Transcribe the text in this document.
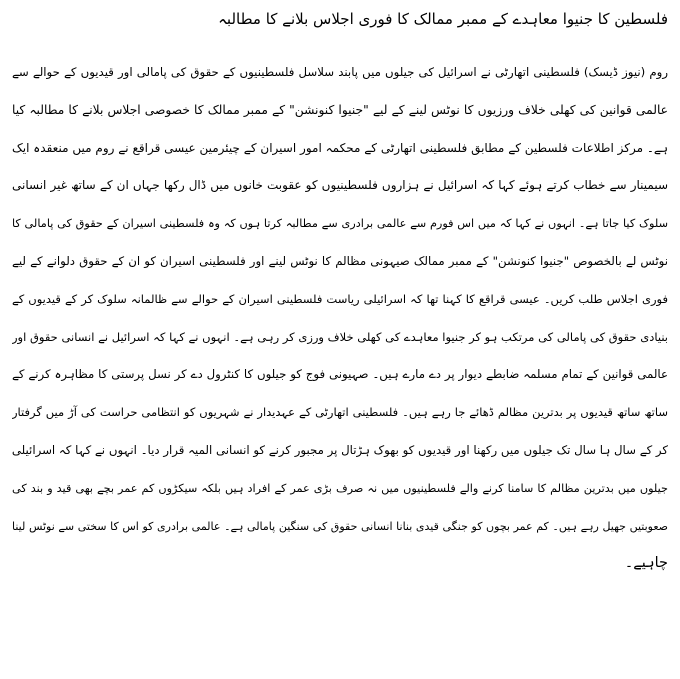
فلسطین کا جنیوا معاہدے کے ممبر ممالک کا فوری اجلاس بلانے کا مطالبہ
روم (نیوز ڈیسک) فلسطینی اتھارٹی نے اسرائیل کی جیلوں میں پابند سلاسل فلسطینیوں کے حقوق کی پامالی اور قیدیوں کے حوالے سے
عالمی قوانین کی کھلی خلاف ورزیوں کا نوٹس لینے کے لیے "جنیوا کنونشن" کے ممبر ممالک کا خصوصی اجلاس بلانے کا مطالبہ کیا
ہے۔ مرکز اطلاعات فلسطین کے مطابق فلسطینی اتھارٹی کے محکمہ امور اسیران کے چیئرمین عیسی قراقع نے روم میں منعقدہ ایک
سیمینار سے خطاب کرتے ہوئے کہا کہ اسرائیل نے ہزاروں فلسطینیوں کو عقوبت خانوں میں ڈال رکھا جہاں ان کے ساتھ غیر انسانی
سلوک کیا جاتا ہے۔ انہوں نے کہا کہ میں اس فورم سے عالمی برادری سے مطالبہ کرتا ہوں کہ وہ فلسطینی اسیران کے حقوق کی پامالی کا
نوٹس لے بالخصوص "جنیوا کنونشن" کے ممبر ممالک صیہونی مظالم کا نوٹس لینے اور فلسطینی اسیران کو ان کے حقوق دلوانے کے لیے
فوری اجلاس طلب کریں۔ عیسی قراقع کا کہنا تھا کہ اسرائیلی ریاست فلسطینی اسیران کے حوالے سے ظالمانہ سلوک کر کے قیدیوں کے
بنیادی حقوق کی پامالی کی مرتکب ہو کر جنیوا معاہدے کی کھلی خلاف ورزی کر رہی ہے۔ انہوں نے کہا کہ اسرائیل نے انسانی حقوق اور
عالمی قوانین کے تمام مسلمہ ضابطے دیوار پر دے مارے ہیں۔ صہیونی فوج کو جیلوں کا کنٹرول دے کر نسل پرستی کا مظاہرہ کرنے کے
ساتھ ساتھ قیدیوں پر بدترین مظالم ڈھائے جا رہے ہیں۔ فلسطینی اتھارٹی کے عہدیدار نے شہریوں کو انتظامی حراست کی آڑ میں گرفتار
کر کے سال ہا سال تک جیلوں میں رکھنا اور قیدیوں کو بھوک ہڑتال پر مجبور کرنے کو انسانی المیہ قرار دیا۔ انہوں نے کہا کہ اسرائیلی
جیلوں میں بدترین مظالم کا سامنا کرنے والے فلسطینیوں میں نہ صرف بڑی عمر کے افراد ہیں بلکہ سیکڑوں کم عمر بچے بھی قید و بند کی
صعوبتیں جھیل رہے ہیں۔ کم عمر بچوں کو جنگی قیدی بنانا انسانی حقوق کی سنگین پامالی ہے۔ عالمی برادری کو اس کا سختی سے نوٹس لینا
چاہیے۔
